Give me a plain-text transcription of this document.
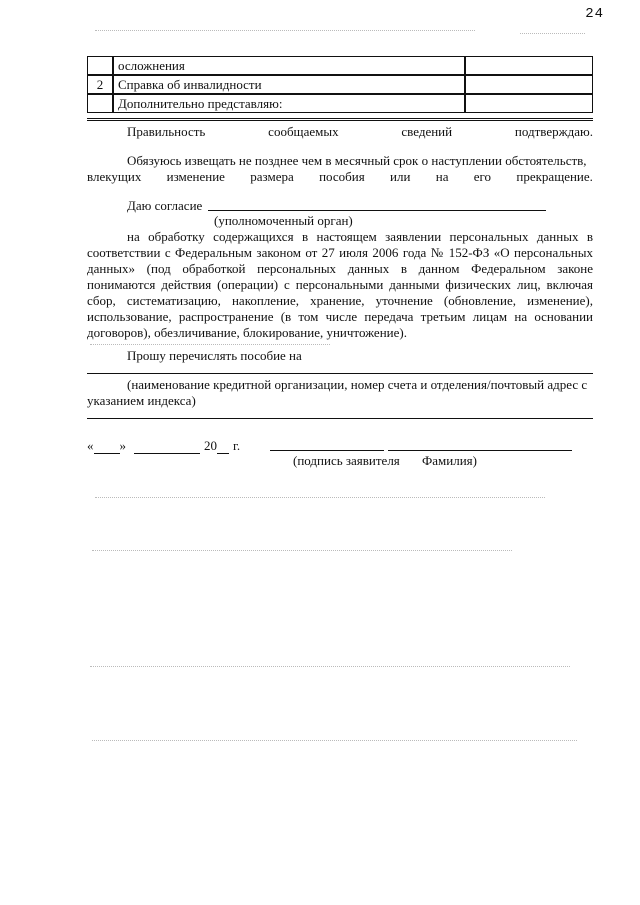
24
	осложнения	
2	Справка об инвалидности	
	Дополнительно представляю:	
Правильность	сообщаемых	сведений	подтверждаю.
Обязуюсь извещать не позднее чем в месячный срок о наступлении обстоятельств,
влекущих изменение размера пособия или на его прекращение.
Даю согласие
(уполномоченный орган)
на обработку содержащихся в настоящем заявлении персональных данных в соответствии с Федеральным законом от 27 июля 2006 года № 152-ФЗ «О персональных данных» (под обработкой персональных данных в данном Федеральном законе понимаются действия (операции) с персональными данными физических лиц, включая сбор, систематизацию, накопление, хранение, уточнение (обновление, изменение), использование, распространение (в том числе передача третьим лицам на основании договоров), обезличивание, блокирование, уничтожение).
Прошу перечислять пособие на
(наименование кредитной организации, номер счета и отделения/почтовый адрес с указанием индекса)
« »	20 г.
(подпись заявителя Фамилия)
